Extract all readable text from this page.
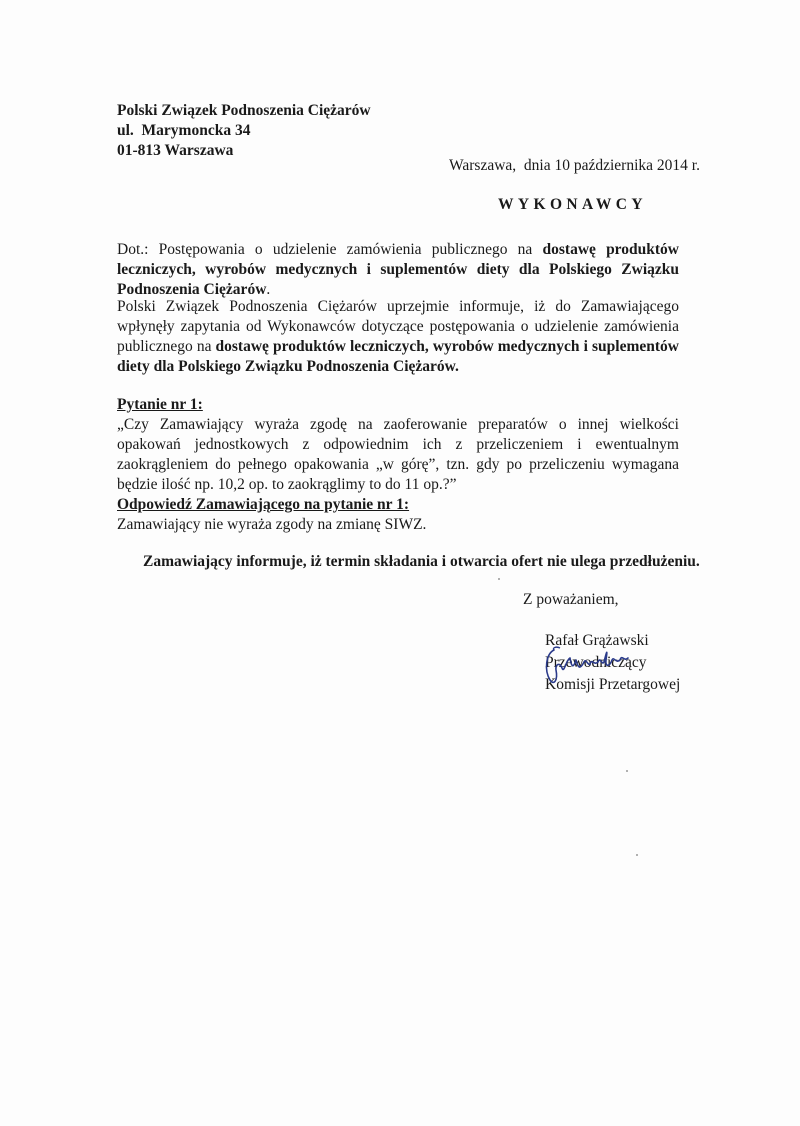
Polski Związek Podnoszenia Ciężarów
ul.  Marymoncka 34
01-813 Warszawa
Warszawa,  dnia 10 października 2014 r.
WYKONAWCY
Dot.: Postępowania o udzielenie zamówienia publicznego na dostawę produktów leczniczych, wyrobów medycznych i suplementów diety dla Polskiego Związku Podnoszenia Ciężarów.
Polski Związek Podnoszenia Ciężarów uprzejmie informuje, iż do Zamawiającego wpłynęły zapytania od Wykonawców dotyczące postępowania o udzielenie zamówienia publicznego na dostawę produktów leczniczych, wyrobów medycznych i suplementów diety dla Polskiego Związku Podnoszenia Ciężarów.
Pytanie nr 1:
„Czy Zamawiający wyraża zgodę na zaoferowanie preparatów o innej wielkości opakowań jednostkowych z odpowiednim ich z przeliczeniem i ewentualnym zaokrągleniem do pełnego opakowania „w górę”, tzn. gdy po przeliczeniu wymagana będzie ilość np. 10,2 op. to zaokrąglimy to do 11 op.?”
Odpowiedź Zamawiającego na pytanie nr 1:
Zamawiający nie wyraża zgody na zmianę SIWZ.
Zamawiający informuje, iż termin składania i otwarcia ofert nie ulega przedłużeniu.
Z poważaniem,
Rafał Grążawski
Przewodniczący
Komisji Przetargowej
